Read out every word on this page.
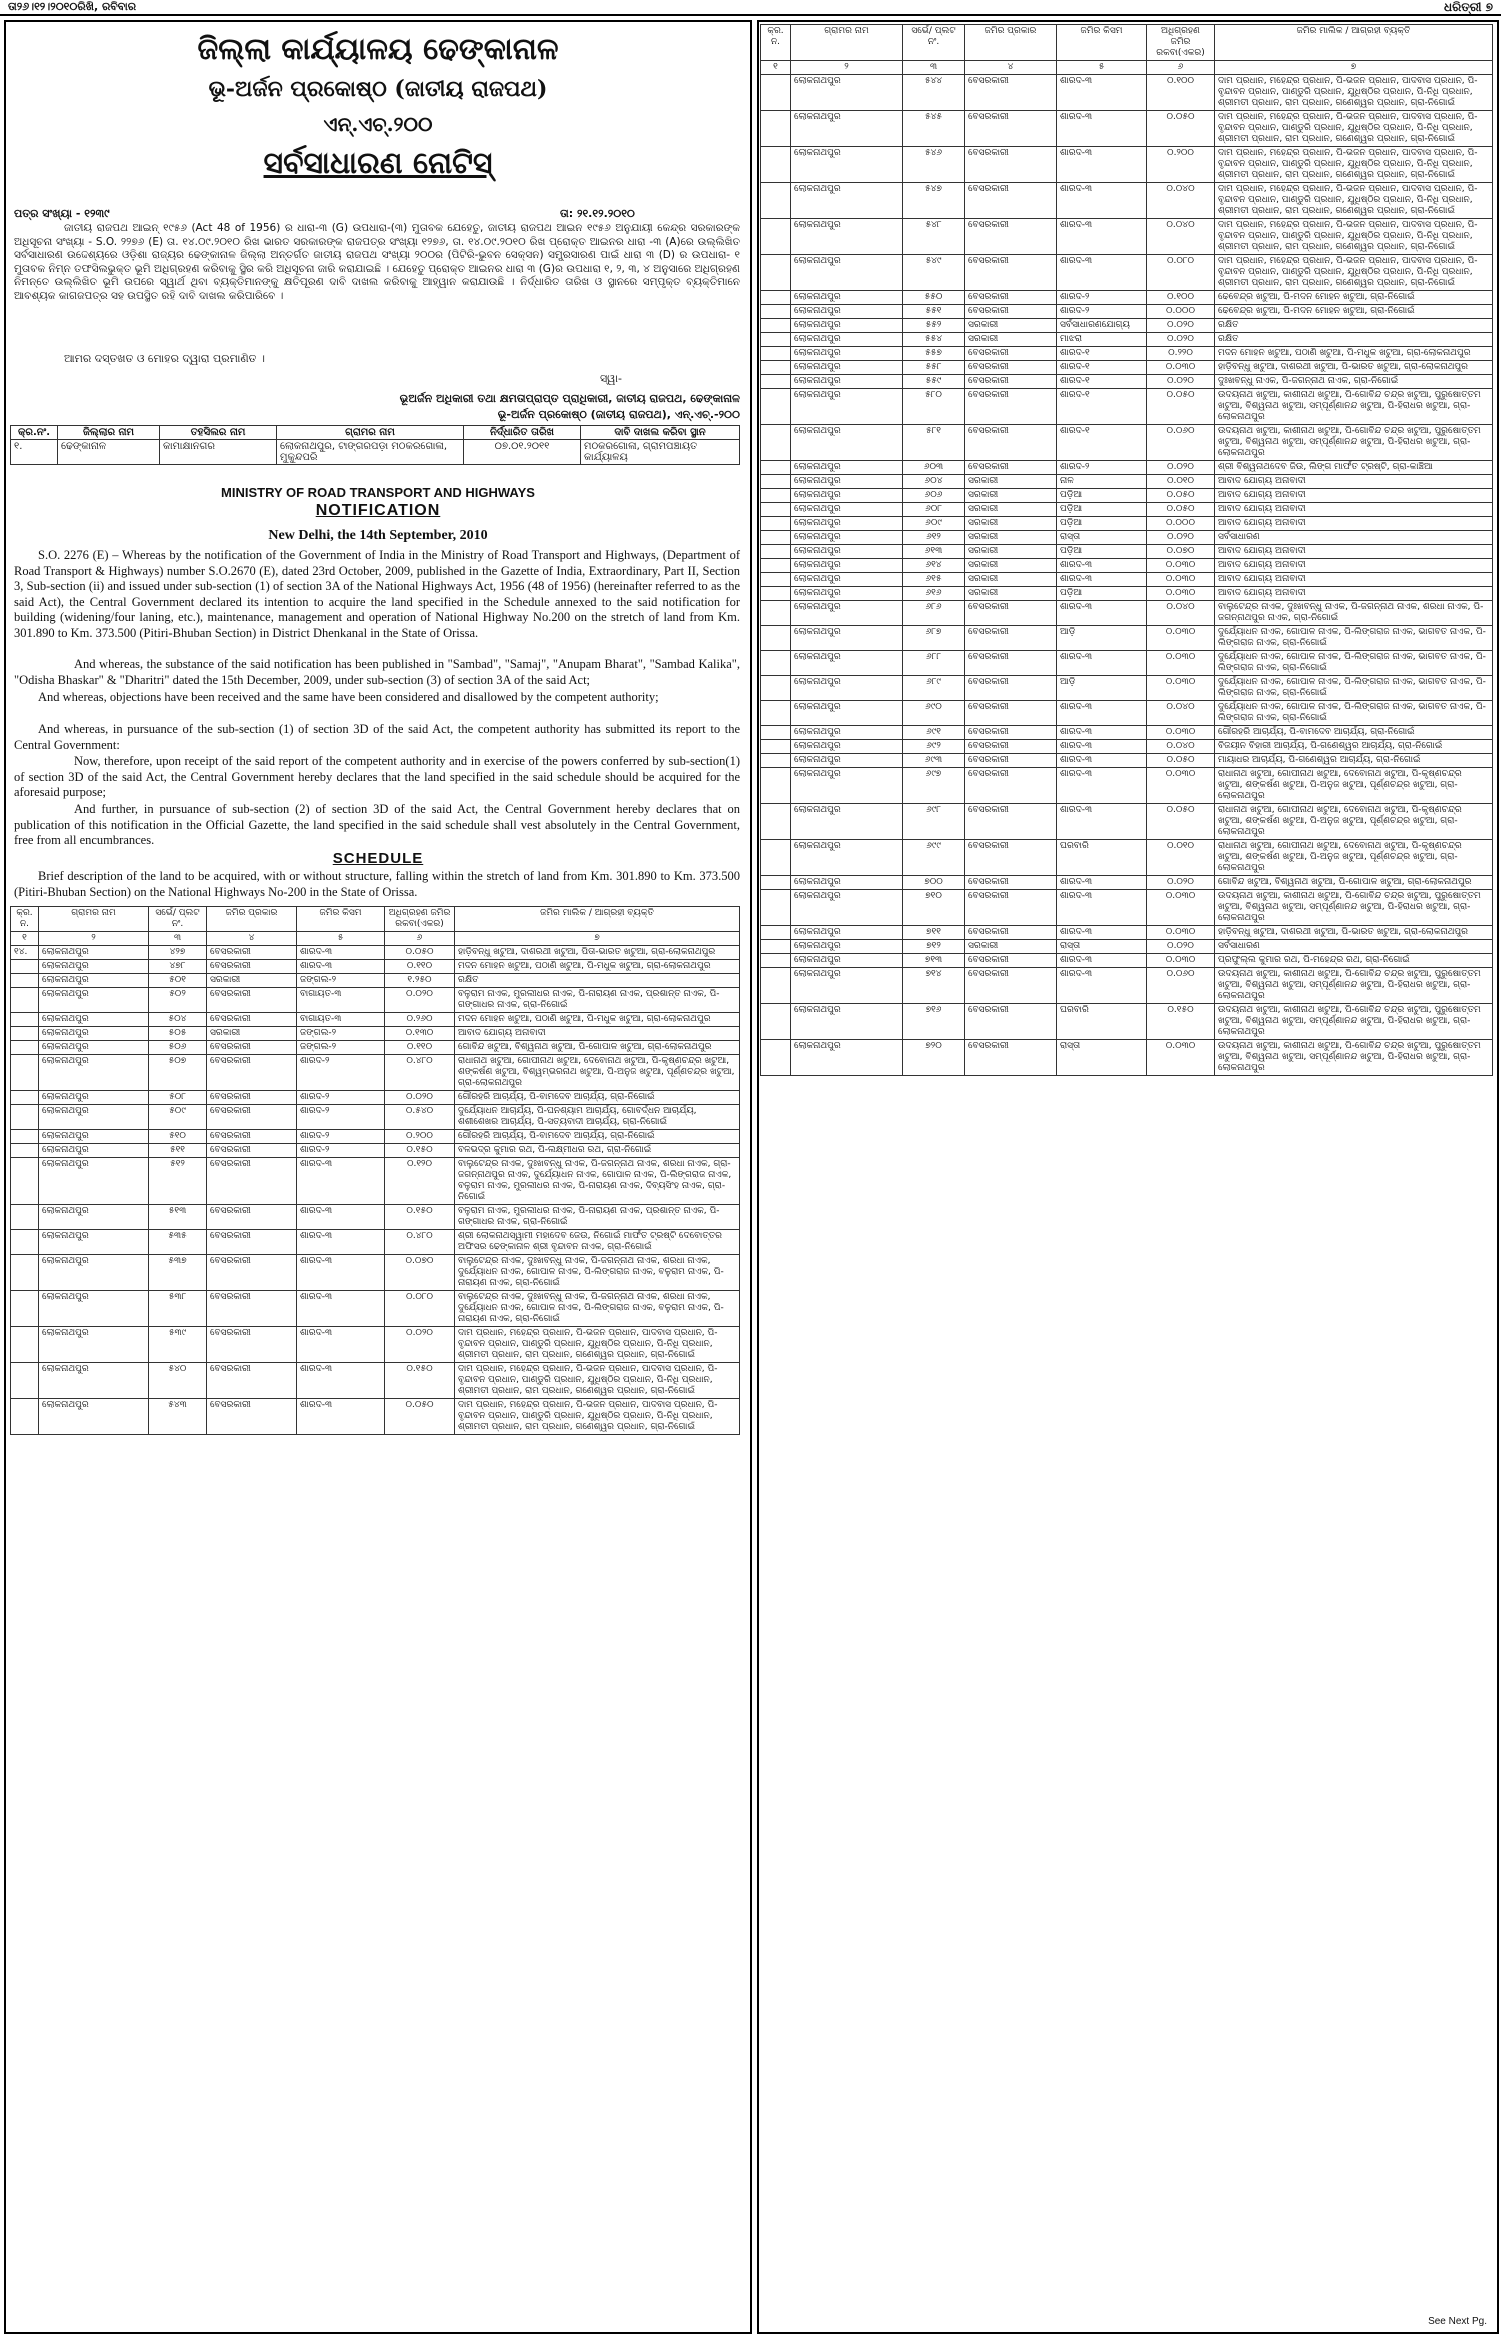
ତା୨୬।୧୨।୨୦୧୦ରିଖି, ରବିବାର	ଧରିତ୍ରୀ ୭
ଜିଲ୍ଲା କାର୍ଯ୍ୟାଳୟ ଢେଙ୍କାନାଳ
ଭୂ-ଅର୍ଜନ ପ୍ରକୋଷ୍ଠ (ଜାତୀୟ ରାଜପଥ)
ଏନ୍.ଏଚ୍.୨୦୦
ସର୍ବସାଧାରଣ ନୋଟିସ୍
ପତ୍ର ସଂଖ୍ୟା - ୧୨୩୯	ତା: ୨୧.୧୨.୨୦୧୦
ଜାତୀୟ ରାଜପଥ ଆଇନ୍ ୧୯୫୬ (Act 48 of 1956) ର ଧାରା-୩ (G) ଉପଧାରା-(୩) ମୁତାବକ ଯେହେତୁ, ଜାତୀୟ ରାଜପଥ ଆଇନ ୧୯୫୬ ଅନୁଯାୟୀ କେନ୍ଦ୍ର ସରକାରଙ୍କ ଅଧିସୂଚନା ସଂଖ୍ୟା - S.O. ୨୨୭୬ (E) ତା. ୧୪.୦୯.୨୦୧୦ ରିଖ ଭାରତ ସରକାରଙ୍କ ରାଜପତ୍ର ସଂଖ୍ୟା ୧୨୭୬, ତା. ୧୪.୦୯.୨୦୧୦ ରିଖ ପ୍ରୋକ୍ତ ଆଇନର ଧାରା -୩ (A)ରେ ଉଲ୍ଲିଖିତ ସର୍ବସାଧାରଣ ଉଦ୍ଦେଶ୍ୟରେ ଓଡ଼ିଶା ରାଜ୍ୟର ଢେଙ୍କାନାଳ ଜିଲ୍ଲା ଅନ୍ତର୍ଗତ ଜାତୀୟ ରାଜପଥ ସଂଖ୍ୟା ୨୦୦ର (ପିଟିରି-ଭୁବନ ସେକ୍ସନ) ସମ୍ପ୍ରସାରଣ ପାଇଁ ଧାରା ୩ (D) ର ଉପଧାରା- ୧ ମୁତାବକ ନିମ୍ନ ତଫସିଲଭୁକ୍ତ ଭୂମି ଅଧିଗ୍ରହଣ କରିବାକୁ ସ୍ଥିର କରି ଅଧିସୂଚନା ଜାରି କରାଯାଇଛି । ଯେହେତୁ ପ୍ରୋକ୍ତ ଆଇନର ଧାରା ୩ (G)ର ଉପଧାରା ୧, ୨, ୩, ୪ ଅନୁସାରେ ଅଧିଗ୍ରହଣ ନିମନ୍ତେ ଉଲ୍ଲିଖିତ ଭୂମି ଉପରେ ସ୍ୱାର୍ଥ ଥିବା ବ୍ୟକ୍ତିମାନଙ୍କୁ କ୍ଷତିପୂରଣ ଦାବି ଦାଖଲ କରିବାକୁ ଆହ୍ୱାନ କରାଯାଉଛି । ନିର୍ଦ୍ଧାରିତ ତାରିଖ ଓ ସ୍ଥାନରେ ସମ୍ପୃକ୍ତ ବ୍ୟକ୍ତିମାନେ ଆବଶ୍ୟକ କାଗଜପତ୍ର ସହ ଉପସ୍ଥିତ ରହି ଦାବି ଦାଖଲ କରିପାରିବେ ।
ଆମର ଦସ୍ତଖତ ଓ ମୋହର ଦ୍ୱାରା ପ୍ରମାଣିତ ।
ସ୍ୱା-
ଭୂଅର୍ଜନ ଅଧିକାରୀ ତଥା କ୍ଷମତାପ୍ରାପ୍ତ ପ୍ରାଧିକାରୀ, ଜାତୀୟ ରାଜପଥ, ଢେଙ୍କାନାଳ
ଭୂ-ଅର୍ଜନ ପ୍ରକୋଷ୍ଠ (ଜାତୀୟ ରାଜପଥ), ଏନ୍.ଏଚ୍.-୨୦୦
କ୍ର.ନଂ.	ଜିଲ୍ଲାର ନାମ	ତହସିଲର ନାମ	ଗ୍ରାମର ନାମ	ନିର୍ଦ୍ଧାରିତ ତାରିଖ	ଦାବି ଦାଖଲ କରିବା ସ୍ଥାନ
୧.	ଢେଙ୍କାନାଳ	କାମାକ୍ଷାନଗର	ଲୋକନାଥପୁର, ଟାଙ୍ଗରପଡ଼ା ମଠକରଗୋଳା, ମୁକୁନ୍ଦପରି	୦୭.୦୧.୨୦୧୧	ମଠକରଗୋଳା, ଗ୍ରାମପଞ୍ଚାୟତ କାର୍ଯ୍ୟାଳୟ
MINISTRY OF ROAD TRANSPORT AND HIGHWAYS
NOTIFICATION
New Delhi, the 14th September, 2010
S.O. 2276 (E) – Whereas by the notification of the Government of India in the Ministry of Road Transport and Highways, (Department of Road Transport & Highways) number S.O.2670 (E), dated 23rd October, 2009, published in the Gazette of India, Extraordinary, Part II, Section 3, Sub-section (ii) and issued under sub-section (1) of section 3A of the National Highways Act, 1956 (48 of 1956) (hereinafter referred to as the said Act), the Central Government declared its intention to acquire the land specified in the Schedule annexed to the said notification for building (widening/four laning, etc.), maintenance, management and operation of National Highway No.200 on the stretch of land from Km. 301.890 to Km. 373.500 (Pitiri-Bhuban Section) in District Dhenkanal in the State of Orissa.
And whereas, the substance of the said notification has been published in "Sambad", "Samaj", "Anupam Bharat", "Sambad Kalika", "Odisha Bhaskar" & "Dharitri" dated the 15th December, 2009, under sub-section (3) of section 3A of the said Act;
And whereas, objections have been received and the same have been considered and disallowed by the competent authority;
And whereas, in pursuance of the sub-section (1) of section 3D of the said Act, the competent authority has submitted its report to the Central Government:
Now, therefore, upon receipt of the said report of the competent authority and in exercise of the powers conferred by sub-section(1) of section 3D of the said Act, the Central Government hereby declares that the land specified in the said schedule should be acquired for the aforesaid purpose;
And further, in pursuance of sub-section (2) of section 3D of the said Act, the Central Government hereby declares that on publication of this notification in the Official Gazette, the land specified in the said schedule shall vest absolutely in the Central Government, free from all encumbrances.
SCHEDULE
Brief description of the land to be acquired, with or without structure, falling within the stretch of land from Km. 301.890 to Km. 373.500 (Pitiri-Bhuban Section) on the National Highways No-200 in the State of Orissa.
କ୍ର. ନ.	ଗ୍ରାମର ନାମ	ସର୍ଭେ/ ପ୍ଲଟ ନଂ.	ଜମିର ପ୍ରକାର	ଜମିର କିସମ	ଅଧିଗ୍ରହଣ ଜମିର ରକବା(ଏକର)	ଜମିର ମାଲିକ / ଆଗ୍ରହୀ ବ୍ୟକ୍ତି
୧	୨	୩	୪	୫	୬	୭
୧୪.	ଲୋକନାଥପୁର	୪୨୭	ବେସରକାରୀ	ଶାରଦ-୩	୦.୦୫୦	ହାଡ଼ିବନ୍ଧୁ ଖଟୁଆ, ଦାଶରଥୀ ଖଟୁଆ, ପିତା-ଭାରତ ଖଟୁଆ, ଗ୍ରା-ଲୋକନାଥପୁର
	ଲୋକନାଥପୁର	୪୭୮	ବେସରକାରୀ	ଶାରଦ-୩	୦.୧୧୦	ମଦନ ମୋହନ ଖଟୁଆ, ପଠାଣି ଖଟୁଆ, ପି-ମଧୁକ ଖଟୁଆ, ଗ୍ରା-ଲୋକନାଥପୁର
	ଲୋକନାଥପୁର	୫୦୧	ସରକାରୀ	ଜଙ୍ଗଲ-୨	୧.୨୫୦	ରକ୍ଷିତ
	ଲୋକନାଥପୁର	୫୦୨	ବେସରକାରୀ	ବାଗାୟତ-୩	୦.୦୨୦	ବଳୁରାମ ନାଏକ, ମୁରଲୀଧର ନାଏକ, ପି-ନାରାୟଣ ନାଏକ, ପ୍ରଶାନ୍ତ ନାଏକ, ପି-ଗଙ୍ଗାଧର ନାଏକ, ଗ୍ରା-ନିଗୋଇଁ
	ଲୋକନାଥପୁର	୫୦୪	ବେସରକାରୀ	ବାଗାୟତ-୩	୦.୨୬୦	ମଦନ ମୋହନ ଖଟୁଆ, ପଠାଣି ଖଟୁଆ, ପି-ମଧୁକ ଖଟୁଆ, ଗ୍ରା-ଲୋକନାଥପୁର
	ଲୋକନାଥପୁର	୫୦୫	ସରକାରୀ	ଜଙ୍ଗଲ-୨	୦.୧୩୦	ଆବାଦ ଯୋଗ୍ୟ ଅନାବାଦୀ
	ଲୋକନାଥପୁର	୫୦୬	ବେସରକାରୀ	ଜଙ୍ଗଲ-୨	୦.୧୧୦	ଗୋବିନ୍ଦ ଖଟୁଆ, ବିଶ୍ୱନାଥ ଖଟୁଆ, ପି-ଗୋପାଳ ଖଟୁଆ, ଗ୍ରା-ଲୋକନାଥପୁର
	ଲୋକନାଥପୁର	୫୦୭	ବେସରକାରୀ	ଶାରଦ-୨	୦.୪୮୦	ରାଧାନାଥ ଖଟୁଆ, ଗୋପୀନାଥ ଖଟୁଆ, ଦେବୋନାଥ ଖଟୁଆ, ପି-କୃଷ୍ଣଚନ୍ଦ୍ର ଖଟୁଆ, ଶଙ୍କର୍ଷଣ ଖଟୁଆ, ବିଶ୍ୱମ୍ଭରନାଥ ଖଟୁଆ, ପି-ଅନୁଜ ଖଟୁଆ, ପୂର୍ଣ୍ଣଚନ୍ଦ୍ର ଖଟୁଆ, ଗ୍ରା-ଲୋକନାଥପୁର
	ଲୋକନାଥପୁର	୫୦୮	ବେସରକାରୀ	ଶାରଦ-୨	୦.୦୨୦	ଗୌରହରି ଆଚାର୍ଯ୍ୟ, ପି-ବାମଦେବ ଆଚାର୍ଯ୍ୟ, ଗ୍ରା-ନିଗୋଇଁ
	ଲୋକନାଥପୁର	୫୦୯	ବେସରକାରୀ	ଶାରଦ-୨	୦.୫୪୦	ଦୁର୍ଯ୍ୟୋଧନ ଆଚାର୍ଯ୍ୟ, ପି-ଘନଶ୍ୟାମ ଆଚାର୍ଯ୍ୟ, ଗୋବର୍ଦ୍ଧନ ଆଚାର୍ଯ୍ୟ, ଶଶୀଶେଖର ଆଚାର୍ଯ୍ୟ, ପି-ସତ୍ୟବାଦୀ ଆଚାର୍ଯ୍ୟ, ଗ୍ରା-ନିଗୋଇଁ
	ଲୋକନାଥପୁର	୫୧୦	ବେସରକାରୀ	ଶାରଦ-୨	୦.୨୦୦	ଗୌରହରି ଆଚାର୍ଯ୍ୟ, ପି-ବାମଦେବ ଆଚାର୍ଯ୍ୟ, ଗ୍ରା-ନିଗୋଇଁ
	ଲୋକନାଥପୁର	୫୧୧	ବେସରକାରୀ	ଶାରଦ-୨	୦.୧୫୦	ବଳଭଦ୍ର କୁମାର ରଥ, ପି-ଲକ୍ଷ୍ମୀଧର ରଥ, ଗ୍ରା-ନିଗୋଇଁ
	ଲୋକନାଥପୁର	୫୧୨	ବେସରକାରୀ	ଶାରଦ-୩	୦.୧୨୦	ବାଲୁଟେନ୍ଦ୍ର ନାଏକ, ଦୁଃଖବନ୍ଧୁ ନାଏକ, ପି-ଜଗନ୍ନାଥ ନାଏକ, ଶରଧା ନାଏକ, ଗ୍ରା-ଜଗନ୍ନାଥପୁର ନାଏକ, ଦୁର୍ଯ୍ୟୋଧନ ନାଏକ, ଗୋପାଳ ନାଏକ, ପି-ଲିଙ୍ଗରାଜ ନାଏକ, ବଳୁରାମ ନାଏକ, ମୁରଲୀଧର ନାଏକ, ପି-ନାରାୟଣ ନାଏକ, ଦିବ୍ୟସିଂହ ନାଏକ, ଗ୍ରା-ନିଗୋଇଁ
	ଲୋକନାଥପୁର	୫୧୩	ବେସରକାରୀ	ଶାରଦ-୩	୦.୧୫୦	ବଳୁରାମ ନାଏକ, ମୁରଲୀଧର ନାଏକ, ପି-ନାରାୟଣ ନାଏକ, ପ୍ରଶାନ୍ତ ନାଏକ, ପି-ଗଙ୍ଗାଧର ନାଏକ, ଗ୍ରା-ନିଗୋଇଁ
	ଲୋକନାଥପୁର	୫୩୫	ବେସରକାରୀ	ଶାରଦ-୩	୦.୪୮୦	ଶ୍ରୀ ଲୋକନାଥସ୍ୱାମୀ ମହାଦେବ ଜେଉ, ନିଗୋଇଁ ମାର୍ଫତ ଟ୍ରଷ୍ଟି ଦେବୋତ୍ତର ଅଫିସର ଢେଙ୍କାନାଳ ଶ୍ରୀ ବୃନ୍ଦାବନ ନାଏକ, ଗ୍ରା-ନିଗୋଇଁ
	ଲୋକନାଥପୁର	୫୩୭	ବେସରକାରୀ	ଶାରଦ-୩	୦.୦୭୦	ବାଲୁଟେନ୍ଦ୍ର ନାଏକ, ଦୁଃଖବନ୍ଧୁ ନାଏକ, ପି-ଜଗନ୍ନାଥ ନାଏକ, ଶରଧା ନାଏକ, ଦୁର୍ଯ୍ୟୋଧନ ନାଏକ, ଗୋପାଳ ନାଏକ, ପି-ଲିଙ୍ଗରାଜ ନାଏକ, ବଳୁରାମ ନାଏକ, ପି-ନାରାୟଣ ନାଏକ, ଗ୍ରା-ନିଗୋଇଁ
	ଲୋକନାଥପୁର	୫୩୮	ବେସରକାରୀ	ଶାରଦ-୩	୦.୦୮୦	ବାଲୁଟେନ୍ଦ୍ର ନାଏକ, ଦୁଃଖବନ୍ଧୁ ନାଏକ, ପି-ଜଗନ୍ନାଥ ନାଏକ, ଶରଧା ନାଏକ, ଦୁର୍ଯ୍ୟୋଧନ ନାଏକ, ଗୋପାଳ ନାଏକ, ପି-ଲିଙ୍ଗରାଜ ନାଏକ, ବଳୁରାମ ନାଏକ, ପି-ନାରାୟଣ ନାଏକ, ଗ୍ରା-ନିଗୋଇଁ
	ଲୋକନାଥପୁର	୫୩୯	ବେସରକାରୀ	ଶାରଦ-୩	୦.୦୨୦	ଦାମ ପ୍ରଧାନ, ମହେନ୍ଦ୍ର ପ୍ରଧାନ, ପି-ଭଜନ ପ୍ରଧାନ, ପାଦବାସ ପ୍ରଧାନ, ପି-ବୃନ୍ଦାବନ ପ୍ରଧାନ, ପାଣ୍ଡୁରି ପ୍ରଧାନ, ଯୁଧିଷ୍ଠିର ପ୍ରଧାନ, ପି-ନିଧି ପ୍ରଧାନ, ଶ୍ରୀମତୀ ପ୍ରଧାନ, ରାମ ପ୍ରଧାନ, ଗଣେଶ୍ୱର ପ୍ରଧାନ, ଗ୍ରା-ନିଗୋଇଁ
	ଲୋକନାଥପୁର	୫୪୦	ବେସରକାରୀ	ଶାରଦ-୩	୦.୧୫୦	ଦାମ ପ୍ରଧାନ, ମହେନ୍ଦ୍ର ପ୍ରଧାନ, ପି-ଭଜନ ପ୍ରଧାନ, ପାଦବାସ ପ୍ରଧାନ, ପି-ବୃନ୍ଦାବନ ପ୍ରଧାନ, ପାଣ୍ଡୁରି ପ୍ରଧାନ, ଯୁଧିଷ୍ଠିର ପ୍ରଧାନ, ପି-ନିଧି ପ୍ରଧାନ, ଶ୍ରୀମତୀ ପ୍ରଧାନ, ରାମ ପ୍ରଧାନ, ଗଣେଶ୍ୱର ପ୍ରଧାନ, ଗ୍ରା-ନିଗୋଇଁ
	ଲୋକନାଥପୁର	୫୪୩	ବେସରକାରୀ	ଶାରଦ-୩	୦.୦୫୦	ଦାମ ପ୍ରଧାନ, ମହେନ୍ଦ୍ର ପ୍ରଧାନ, ପି-ଭଜନ ପ୍ରଧାନ, ପାଦବାସ ପ୍ରଧାନ, ପି-ବୃନ୍ଦାବନ ପ୍ରଧାନ, ପାଣ୍ଡୁରି ପ୍ରଧାନ, ଯୁଧିଷ୍ଠିର ପ୍ରଧାନ, ପି-ନିଧି ପ୍ରଧାନ, ଶ୍ରୀମତୀ ପ୍ରଧାନ, ରାମ ପ୍ରଧାନ, ଗଣେଶ୍ୱର ପ୍ରଧାନ, ଗ୍ରା-ନିଗୋଇଁ
କ୍ର. ନ.	ଗ୍ରାମର ନାମ	ସର୍ଭେ/ ପ୍ଲଟ ନଂ.	ଜମିର ପ୍ରକାର	ଜମିର କିସମ	ଅଧିଗ୍ରହଣ ଜମିର ରକବା(ଏକର)	ଜମିର ମାଲିକ / ଆଗ୍ରହୀ ବ୍ୟକ୍ତି
୧	୨	୩	୪	୫	୬	୭
	ଲୋକନାଥପୁର	୫୪୪	ବେସରକାରୀ	ଶାରଦ-୩	୦.୧୦୦	ଦାମ ପ୍ରଧାନ, ମହେନ୍ଦ୍ର ପ୍ରଧାନ, ପି-ଭଜନ ପ୍ରଧାନ, ପାଦବାସ ପ୍ରଧାନ, ପି-ବୃନ୍ଦାବନ ପ୍ରଧାନ, ପାଣ୍ଡୁରି ପ୍ରଧାନ, ଯୁଧିଷ୍ଠିର ପ୍ରଧାନ, ପି-ନିଧି ପ୍ରଧାନ, ଶ୍ରୀମତୀ ପ୍ରଧାନ, ରାମ ପ୍ରଧାନ, ଗଣେଶ୍ୱର ପ୍ରଧାନ, ଗ୍ରା-ନିଗୋଇଁ
	ଲୋକନାଥପୁର	୫୪୫	ବେସରକାରୀ	ଶାରଦ-୩	୦.୦୫୦	ଦାମ ପ୍ରଧାନ, ମହେନ୍ଦ୍ର ପ୍ରଧାନ, ପି-ଭଜନ ପ୍ରଧାନ, ପାଦବାସ ପ୍ରଧାନ, ପି-ବୃନ୍ଦାବନ ପ୍ରଧାନ, ପାଣ୍ଡୁରି ପ୍ରଧାନ, ଯୁଧିଷ୍ଠିର ପ୍ରଧାନ, ପି-ନିଧି ପ୍ରଧାନ, ଶ୍ରୀମତୀ ପ୍ରଧାନ, ରାମ ପ୍ରଧାନ, ଗଣେଶ୍ୱର ପ୍ରଧାନ, ଗ୍ରା-ନିଗୋଇଁ
	ଲୋକନାଥପୁର	୫୪୬	ବେସରକାରୀ	ଶାରଦ-୩	୦.୨୦୦	ଦାମ ପ୍ରଧାନ, ମହେନ୍ଦ୍ର ପ୍ରଧାନ, ପି-ଭଜନ ପ୍ରଧାନ, ପାଦବାସ ପ୍ରଧାନ, ପି-ବୃନ୍ଦାବନ ପ୍ରଧାନ, ପାଣ୍ଡୁରି ପ୍ରଧାନ, ଯୁଧିଷ୍ଠିର ପ୍ରଧାନ, ପି-ନିଧି ପ୍ରଧାନ, ଶ୍ରୀମତୀ ପ୍ରଧାନ, ରାମ ପ୍ରଧାନ, ଗଣେଶ୍ୱର ପ୍ରଧାନ, ଗ୍ରା-ନିଗୋଇଁ
	ଲୋକନାଥପୁର	୫୪୭	ବେସରକାରୀ	ଶାରଦ-୩	୦.୦୪୦	ଦାମ ପ୍ରଧାନ, ମହେନ୍ଦ୍ର ପ୍ରଧାନ, ପି-ଭଜନ ପ୍ରଧାନ, ପାଦବାସ ପ୍ରଧାନ, ପି-ବୃନ୍ଦାବନ ପ୍ରଧାନ, ପାଣ୍ଡୁରି ପ୍ରଧାନ, ଯୁଧିଷ୍ଠିର ପ୍ରଧାନ, ପି-ନିଧି ପ୍ରଧାନ, ଶ୍ରୀମତୀ ପ୍ରଧାନ, ରାମ ପ୍ରଧାନ, ଗଣେଶ୍ୱର ପ୍ରଧାନ, ଗ୍ରା-ନିଗୋଇଁ
	ଲୋକନାଥପୁର	୫୪୮	ବେସରକାରୀ	ଶାରଦ-୩	୦.୦୪୦	ଦାମ ପ୍ରଧାନ, ମହେନ୍ଦ୍ର ପ୍ରଧାନ, ପି-ଭଜନ ପ୍ରଧାନ, ପାଦବାସ ପ୍ରଧାନ, ପି-ବୃନ୍ଦାବନ ପ୍ରଧାନ, ପାଣ୍ଡୁରି ପ୍ରଧାନ, ଯୁଧିଷ୍ଠିର ପ୍ରଧାନ, ପି-ନିଧି ପ୍ରଧାନ, ଶ୍ରୀମତୀ ପ୍ରଧାନ, ରାମ ପ୍ରଧାନ, ଗଣେଶ୍ୱର ପ୍ରଧାନ, ଗ୍ରା-ନିଗୋଇଁ
	ଲୋକନାଥପୁର	୫୪୯	ବେସରକାରୀ	ଶାରଦ-୩	୦.୦୮୦	ଦାମ ପ୍ରଧାନ, ମହେନ୍ଦ୍ର ପ୍ରଧାନ, ପି-ଭଜନ ପ୍ରଧାନ, ପାଦବାସ ପ୍ରଧାନ, ପି-ବୃନ୍ଦାବନ ପ୍ରଧାନ, ପାଣ୍ଡୁରି ପ୍ରଧାନ, ଯୁଧିଷ୍ଠିର ପ୍ରଧାନ, ପି-ନିଧି ପ୍ରଧାନ, ଶ୍ରୀମତୀ ପ୍ରଧାନ, ରାମ ପ୍ରଧାନ, ଗଣେଶ୍ୱର ପ୍ରଧାନ, ଗ୍ରା-ନିଗୋଇଁ
	ଲୋକନାଥପୁର	୫୫୦	ବେସରକାରୀ	ଶାରଦ-୨	୦.୧୦୦	ଢେବେନ୍ଦ୍ର ଖଟୁଆ, ପି-ମଦନ ମୋହନ ଖଟୁଆ, ଗ୍ରା-ନିଗୋଇଁ
	ଲୋକନାଥପୁର	୫୫୧	ବେସରକାରୀ	ଶାରଦ-୨	୦.୦୦୦	ଢେବେନ୍ଦ୍ର ଖଟୁଆ, ପି-ମଦନ ମୋହନ ଖଟୁଆ, ଗ୍ରା-ନିଗୋଇଁ
	ଲୋକନାଥପୁର	୫୫୨	ସରକାରୀ	ସର୍ବସାଧାରଣଯୋଗ୍ୟ	୦.୦୨୦	ରକ୍ଷିତ
	ଲୋକନାଥପୁର	୫୫୪	ସରକାରୀ	ମାଝରା	୦.୦୨୦	ରକ୍ଷିତ
	ଲୋକନାଥପୁର	୫୫୭	ବେସରକାରୀ	ଶାରଦ-୧	୦.୨୨୦	ମଦନ ମୋହନ ଖଟୁଆ, ପଠାଣି ଖଟୁଆ, ପି-ମଧୁକ ଖଟୁଆ, ଗ୍ରା-ଲୋକନାଥପୁର
	ଲୋକନାଥପୁର	୫୫୮	ବେସରକାରୀ	ଶାରଦ-୧	୦.୦୩୦	ହାଡ଼ିବନ୍ଧୁ ଖଟୁଆ, ଦାଶରଥୀ ଖଟୁଆ, ପି-ଭାରତ ଖଟୁଆ, ଗ୍ରା-ଲୋକନାଥପୁର
	ଲୋକନାଥପୁର	୫୫୯	ବେସରକାରୀ	ଶାରଦ-୧	୦.୦୨୦	ଦୁଃଖବନ୍ଧୁ ନାଏକ, ପି-ଜଗନ୍ନାଥ ନାଏକ, ଗ୍ରା-ନିଗୋଇଁ
	ଲୋକନାଥପୁର	୫୮୦	ବେସରକାରୀ	ଶାରଦ-୧	୦.୦୫୦	ଉଦୟନାଥ ଖଟୁଆ, କାଶୀନାଥ ଖଟୁଆ, ପି-ଗୋବିନ୍ଦ ଚନ୍ଦ୍ର ଖଟୁଆ, ପୁରୁଷୋତ୍ତମ ଖଟୁଆ, ବିଶ୍ୱନାଥ ଖଟୁଆ, ସମ୍ପୂର୍ଣ୍ଣାନନ୍ଦ ଖଟୁଆ, ପି-ହିରାଧର ଖଟୁଆ, ଗ୍ରା-ଲୋକନାଥପୁର
	ଲୋକନାଥପୁର	୫୮୧	ବେସରକାରୀ	ଶାରଦ-୧	୦.୦୬୦	ଉଦୟନାଥ ଖଟୁଆ, କାଶୀନାଥ ଖଟୁଆ, ପି-ଗୋବିନ୍ଦ ଚନ୍ଦ୍ର ଖଟୁଆ, ପୁରୁଷୋତ୍ତମ ଖଟୁଆ, ବିଶ୍ୱନାଥ ଖଟୁଆ, ସମ୍ପୂର୍ଣ୍ଣାନନ୍ଦ ଖଟୁଆ, ପି-ହିରାଧର ଖଟୁଆ, ଗ୍ରା-ଲୋକନାଥପୁର
	ଲୋକନାଥପୁର	୬୦୩	ବେସରକାରୀ	ଶାରଦ-୨	୦.୦୨୦	ଶ୍ରୀ ବିଶ୍ୱନାଥଦେବ ଜିଉ, ଲିଙ୍ଗ ମାର୍ଫତ ଟ୍ରଷ୍ଟି, ଗ୍ରା-କାଞ୍ଚିଆ
	ଲୋକନାଥପୁର	୬୦୪	ସରକାରୀ	ନାଳ	୦.୦୧୦	ଆବାଦ ଯୋଗ୍ୟ ଅନାବାଦୀ
	ଲୋକନାଥପୁର	୬୦୬	ସରକାରୀ	ପଡ଼ିଆ	୦.୦୫୦	ଆବାଦ ଯୋଗ୍ୟ ଅନାବାଦୀ
	ଲୋକନାଥପୁର	୬୦୮	ସରକାରୀ	ପଡ଼ିଆ	୦.୦୫୦	ଆବାଦ ଯୋଗ୍ୟ ଅନାବାଦୀ
	ଲୋକନାଥପୁର	୬୦୯	ସରକାରୀ	ପଡ଼ିଆ	୦.୦୦୦	ଆବାଦ ଯୋଗ୍ୟ ଅନାବାଦୀ
	ଲୋକନାଥପୁର	୬୧୨	ସରକାରୀ	ରାସ୍ତା	୦.୦୨୦	ସର୍ବସାଧାରଣ
	ଲୋକନାଥପୁର	୬୧୩	ସରକାରୀ	ପଡ଼ିଆ	୦.୦୭୦	ଆବାଦ ଯୋଗ୍ୟ ଅନାବାଦୀ
	ଲୋକନାଥପୁର	୬୧୪	ସରକାରୀ	ଶାରଦ-୩	୦.୦୩୦	ଆବାଦ ଯୋଗ୍ୟ ଅନାବାଦୀ
	ଲୋକନାଥପୁର	୬୧୫	ସରକାରୀ	ଶାରଦ-୩	୦.୦୩୦	ଆବାଦ ଯୋଗ୍ୟ ଅନାବାଦୀ
	ଲୋକନାଥପୁର	୬୧୬	ସରକାରୀ	ପଡ଼ିଆ	୦.୦୩୦	ଆବାଦ ଯୋଗ୍ୟ ଅନାବାଦୀ
	ଲୋକନାଥପୁର	୬୮୬	ବେସରକାରୀ	ଶାରଦ-୩	୦.୦୪୦	ବାଲୁଟେନ୍ଦ୍ର ନାଏକ, ଦୁଃଖବନ୍ଧୁ ନାଏକ, ପି-ଜଗନ୍ନାଥ ନାଏକ, ଶରଧା ନାଏକ, ପି-ଜଗନ୍ନାଥପୁର ନାଏକ, ଗ୍ରା-ନିଗୋଇଁ
	ଲୋକନାଥପୁର	୬୮୭	ବେସରକାରୀ	ଆଡ଼ି	୦.୦୩୦	ଦୁର୍ଯ୍ୟୋଧନ ନାଏକ, ଗୋପାଳ ନାଏକ, ପି-ଲିଙ୍ଗରାଜ ନାଏକ, ଭାଗବତ ନାଏକ, ପି-ଲିଙ୍ଗରାଜ ନାଏକ, ଗ୍ରା-ନିଗୋଇଁ
	ଲୋକନାଥପୁର	୬୮୮	ବେସରକାରୀ	ଶାରଦ-୩	୦.୦୩୦	ଦୁର୍ଯ୍ୟୋଧନ ନାଏକ, ଗୋପାଳ ନାଏକ, ପି-ଲିଙ୍ଗରାଜ ନାଏକ, ଭାଗବତ ନାଏକ, ପି-ଲିଙ୍ଗରାଜ ନାଏକ, ଗ୍ରା-ନିଗୋଇଁ
	ଲୋକନାଥପୁର	୬୮୯	ବେସରକାରୀ	ଆଡ଼ି	୦.୦୩୦	ଦୁର୍ଯ୍ୟୋଧନ ନାଏକ, ଗୋପାଳ ନାଏକ, ପି-ଲିଙ୍ଗରାଜ ନାଏକ, ଭାଗବତ ନାଏକ, ପି-ଲିଙ୍ଗରାଜ ନାଏକ, ଗ୍ରା-ନିଗୋଇଁ
	ଲୋକନାଥପୁର	୬୯୦	ବେସରକାରୀ	ଶାରଦ-୩	୦.୦୪୦	ଦୁର୍ଯ୍ୟୋଧନ ନାଏକ, ଗୋପାଳ ନାଏକ, ପି-ଲିଙ୍ଗରାଜ ନାଏକ, ଭାଗବତ ନାଏକ, ପି-ଲିଙ୍ଗରାଜ ନାଏକ, ଗ୍ରା-ନିଗୋଇଁ
	ଲୋକନାଥପୁର	୬୯୧	ବେସରକାରୀ	ଶାରଦ-୩	୦.୦୩୦	ଗୌରହରି ଆଚାର୍ଯ୍ୟ, ପି-ବାମଦେବ ଆଚାର୍ଯ୍ୟ, ଗ୍ରା-ନିଗୋଇଁ
	ଲୋକନାଥପୁର	୬୯୨	ବେସରକାରୀ	ଶାରଦ-୩	୦.୦୪୦	ବିଜୟୀନ ବିହାରୀ ଆଚାର୍ଯ୍ୟ, ପି-ଗଣେଶ୍ୱର ଆଚାର୍ଯ୍ୟ, ଗ୍ରା-ନିଗୋଇଁ
	ଲୋକନାଥପୁର	୬୯୩	ବେସରକାରୀ	ଶାରଦ-୩	୦.୦୫୦	ମାୟାଧର ଆଚାର୍ଯ୍ୟ, ପି-ଗଣେଶ୍ୱର ଆଚାର୍ଯ୍ୟ, ଗ୍ରା-ନିଗୋଇଁ
	ଲୋକନାଥପୁର	୬୯୭	ବେସରକାରୀ	ଶାରଦ-୩	୦.୦୩୦	ରାଧାନାଥ ଖଟୁଆ, ଗୋପୀନାଥ ଖଟୁଆ, ଦେବୋନାଥ ଖଟୁଆ, ପି-କୃଷ୍ଣଚନ୍ଦ୍ର ଖଟୁଆ, ଶଙ୍କର୍ଷଣ ଖଟୁଆ, ପି-ଅନୁଜ ଖଟୁଆ, ପୂର୍ଣ୍ଣଚନ୍ଦ୍ର ଖଟୁଆ, ଗ୍ରା-ଲୋକନାଥପୁର
	ଲୋକନାଥପୁର	୬୯୮	ବେସରକାରୀ	ଶାରଦ-୩	୦.୦୫୦	ରାଧାନାଥ ଖଟୁଆ, ଗୋପୀନାଥ ଖଟୁଆ, ଦେବୋନାଥ ଖଟୁଆ, ପି-କୃଷ୍ଣଚନ୍ଦ୍ର ଖଟୁଆ, ଶଙ୍କର୍ଷଣ ଖଟୁଆ, ପି-ଅନୁଜ ଖଟୁଆ, ପୂର୍ଣ୍ଣଚନ୍ଦ୍ର ଖଟୁଆ, ଗ୍ରା-ଲୋକନାଥପୁର
	ଲୋକନାଥପୁର	୬୯୯	ବେସରକାରୀ	ଘରବାରି	୦.୦୧୦	ରାଧାନାଥ ଖଟୁଆ, ଗୋପୀନାଥ ଖଟୁଆ, ଦେବୋନାଥ ଖଟୁଆ, ପି-କୃଷ୍ଣଚନ୍ଦ୍ର ଖଟୁଆ, ଶଙ୍କର୍ଷଣ ଖଟୁଆ, ପି-ଅନୁଜ ଖଟୁଆ, ପୂର୍ଣ୍ଣଚନ୍ଦ୍ର ଖଟୁଆ, ଗ୍ରା-ଲୋକନାଥପୁର
	ଲୋକନାଥପୁର	୭୦୦	ବେସରକାରୀ	ଶାରଦ-୩	୦.୦୨୦	ଗୋବିନ୍ଦ ଖଟୁଆ, ବିଶ୍ୱନାଥ ଖଟୁଆ, ପି-ଗୋପାଳ ଖଟୁଆ, ଗ୍ରା-ଲୋକନାଥପୁର
	ଲୋକନାଥପୁର	୭୧୦	ବେସରକାରୀ	ଶାରଦ-୩	୦.୦୩୦	ଉଦୟନାଥ ଖଟୁଆ, କାଶୀନାଥ ଖଟୁଆ, ପି-ଗୋବିନ୍ଦ ଚନ୍ଦ୍ର ଖଟୁଆ, ପୁରୁଷୋତ୍ତମ ଖଟୁଆ, ବିଶ୍ୱନାଥ ଖଟୁଆ, ସମ୍ପୂର୍ଣ୍ଣାନନ୍ଦ ଖଟୁଆ, ପି-ହିରାଧର ଖଟୁଆ, ଗ୍ରା-ଲୋକନାଥପୁର
	ଲୋକନାଥପୁର	୭୧୧	ବେସରକାରୀ	ଶାରଦ-୩	୦.୦୩୦	ହାଡ଼ିବନ୍ଧୁ ଖଟୁଆ, ଦାଶରଥୀ ଖଟୁଆ, ପି-ଭାରତ ଖଟୁଆ, ଗ୍ରା-ଲୋକନାଥପୁର
	ଲୋକନାଥପୁର	୭୧୨	ସରକାରୀ	ରାସ୍ତା	୦.୦୨୦	ସର୍ବସାଧାରଣ
	ଲୋକନାଥପୁର	୭୧୩	ବେସରକାରୀ	ଶାରଦ-୩	୦.୦୩୦	ପ୍ରଫୁଲ୍ଲ କୁମାର ରଥ, ପି-ମହେନ୍ଦ୍ର ରଥ, ଗ୍ରା-ନିଗୋଇଁ
	ଲୋକନାଥପୁର	୭୧୪	ବେସରକାରୀ	ଶାରଦ-୩	୦.୦୬୦	ଉଦୟନାଥ ଖଟୁଆ, କାଶୀନାଥ ଖଟୁଆ, ପି-ଗୋବିନ୍ଦ ଚନ୍ଦ୍ର ଖଟୁଆ, ପୁରୁଷୋତ୍ତମ ଖଟୁଆ, ବିଶ୍ୱନାଥ ଖଟୁଆ, ସମ୍ପୂର୍ଣ୍ଣାନନ୍ଦ ଖଟୁଆ, ପି-ହିରାଧର ଖଟୁଆ, ଗ୍ରା-ଲୋକନାଥପୁର
	ଲୋକନାଥପୁର	୭୧୬	ବେସରକାରୀ	ଘରବାରି	୦.୧୫୦	ଉଦୟନାଥ ଖଟୁଆ, କାଶୀନାଥ ଖଟୁଆ, ପି-ଗୋବିନ୍ଦ ଚନ୍ଦ୍ର ଖଟୁଆ, ପୁରୁଷୋତ୍ତମ ଖଟୁଆ, ବିଶ୍ୱନାଥ ଖଟୁଆ, ସମ୍ପୂର୍ଣ୍ଣାନନ୍ଦ ଖଟୁଆ, ପି-ହିରାଧର ଖଟୁଆ, ଗ୍ରା-ଲୋକନାଥପୁର
	ଲୋକନାଥପୁର	୭୨୦	ବେସରକାରୀ	ରାସ୍ତା	୦.୦୩୦	ଉଦୟନାଥ ଖଟୁଆ, କାଶୀନାଥ ଖଟୁଆ, ପି-ଗୋବିନ୍ଦ ଚନ୍ଦ୍ର ଖଟୁଆ, ପୁରୁଷୋତ୍ତମ ଖଟୁଆ, ବିଶ୍ୱନାଥ ଖଟୁଆ, ସମ୍ପୂର୍ଣ୍ଣାନନ୍ଦ ଖଟୁଆ, ପି-ହିରାଧର ଖଟୁଆ, ଗ୍ରା-ଲୋକନାଥପୁର
See Next Pg.
